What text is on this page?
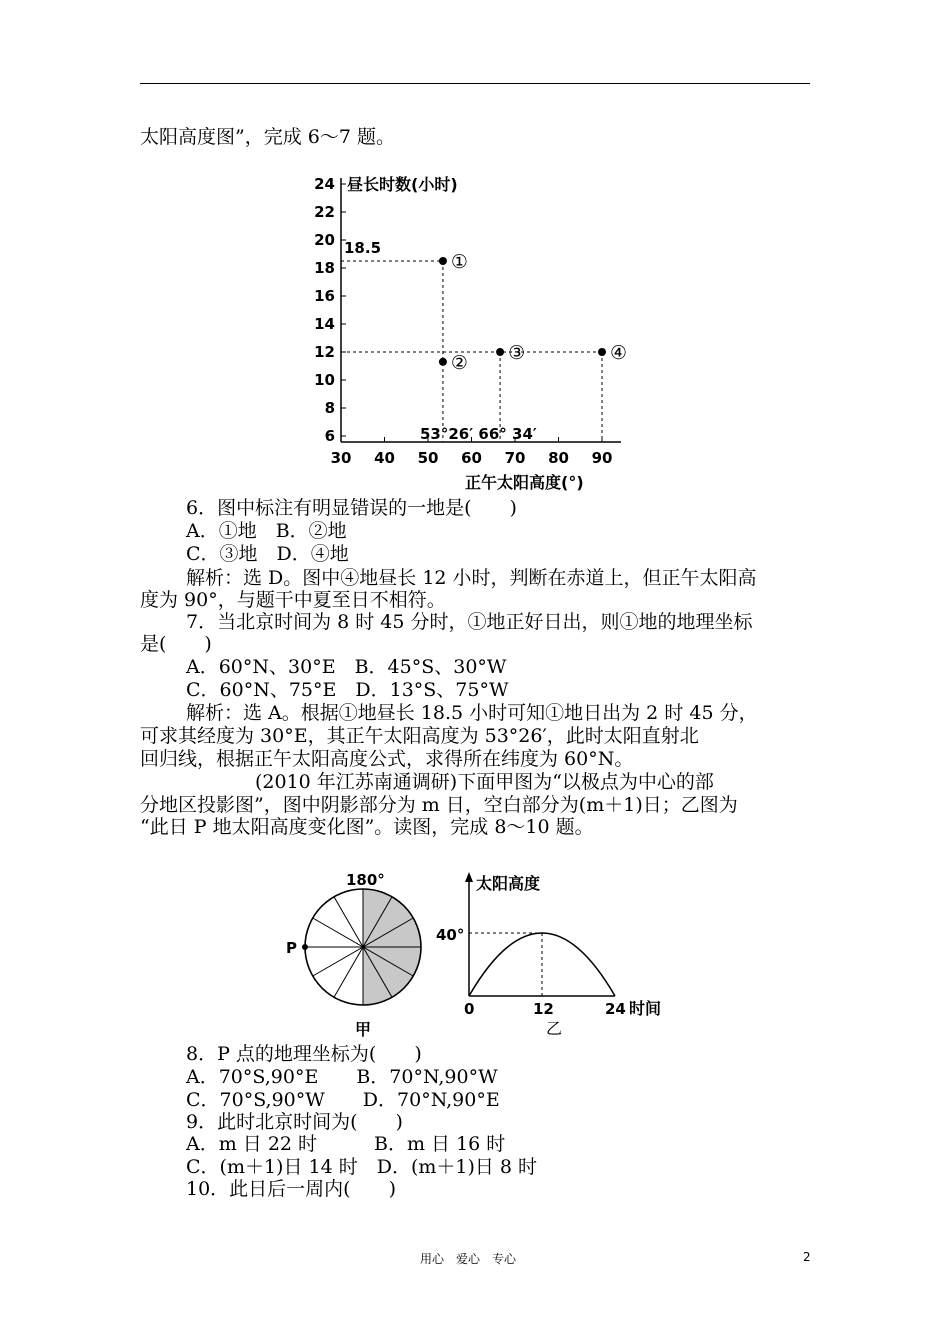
太阳高度图”，完成 6～7 题。
24
22
20
18
16
14
12
10
8
6
30 40 50 60 70 80 90
①
② ③	④
昼长时数(小时)
正午太阳高度(°)
18.5
53°26′ 66° 34′
6．图中标注有明显错误的一地是(　　)
A．①地　B．②地
C．③地　D．④地
解析：选 D。图中④地昼长 12 小时，判断在赤道上，但正午太阳高
度为 90°，与题干中夏至日不相符。
7．当北京时间为 8 时 45 分时，①地正好日出，则①地的地理坐标
是(　　)
A．60°N、30°E　B．45°S、30°W
C．60°N、75°E　D．13°S、75°W
解析：选 A。根据①地昼长 18.5 小时可知①地日出为 2 时 45 分，
可求其经度为 30°E，其正午太阳高度为 53°26′，此时太阳直射北
回归线，根据正午太阳高度公式，求得所在纬度为 60°N。
(2010 年江苏南通调研)下面甲图为“以极点为中心的部
分地区投影图”，图中阴影部分为 m 日，空白部分为(m＋1)日；乙图为
“此日 P 地太阳高度变化图”。读图，完成 8～10 题。
180°
P
甲
太阳高度
40°
0	12	24 时间
乙
8．P 点的地理坐标为(　　)
A．70°S,90°E　　B．70°N,90°W
C．70°S,90°W　　D．70°N,90°E
9．此时北京时间为(　　)
A．m 日 22 时　　　B．m 日 16 时
C．(m＋1)日 14 时　D．(m＋1)日 8 时
10．此日后一周内(　　)
用心　爱心　专心	2
